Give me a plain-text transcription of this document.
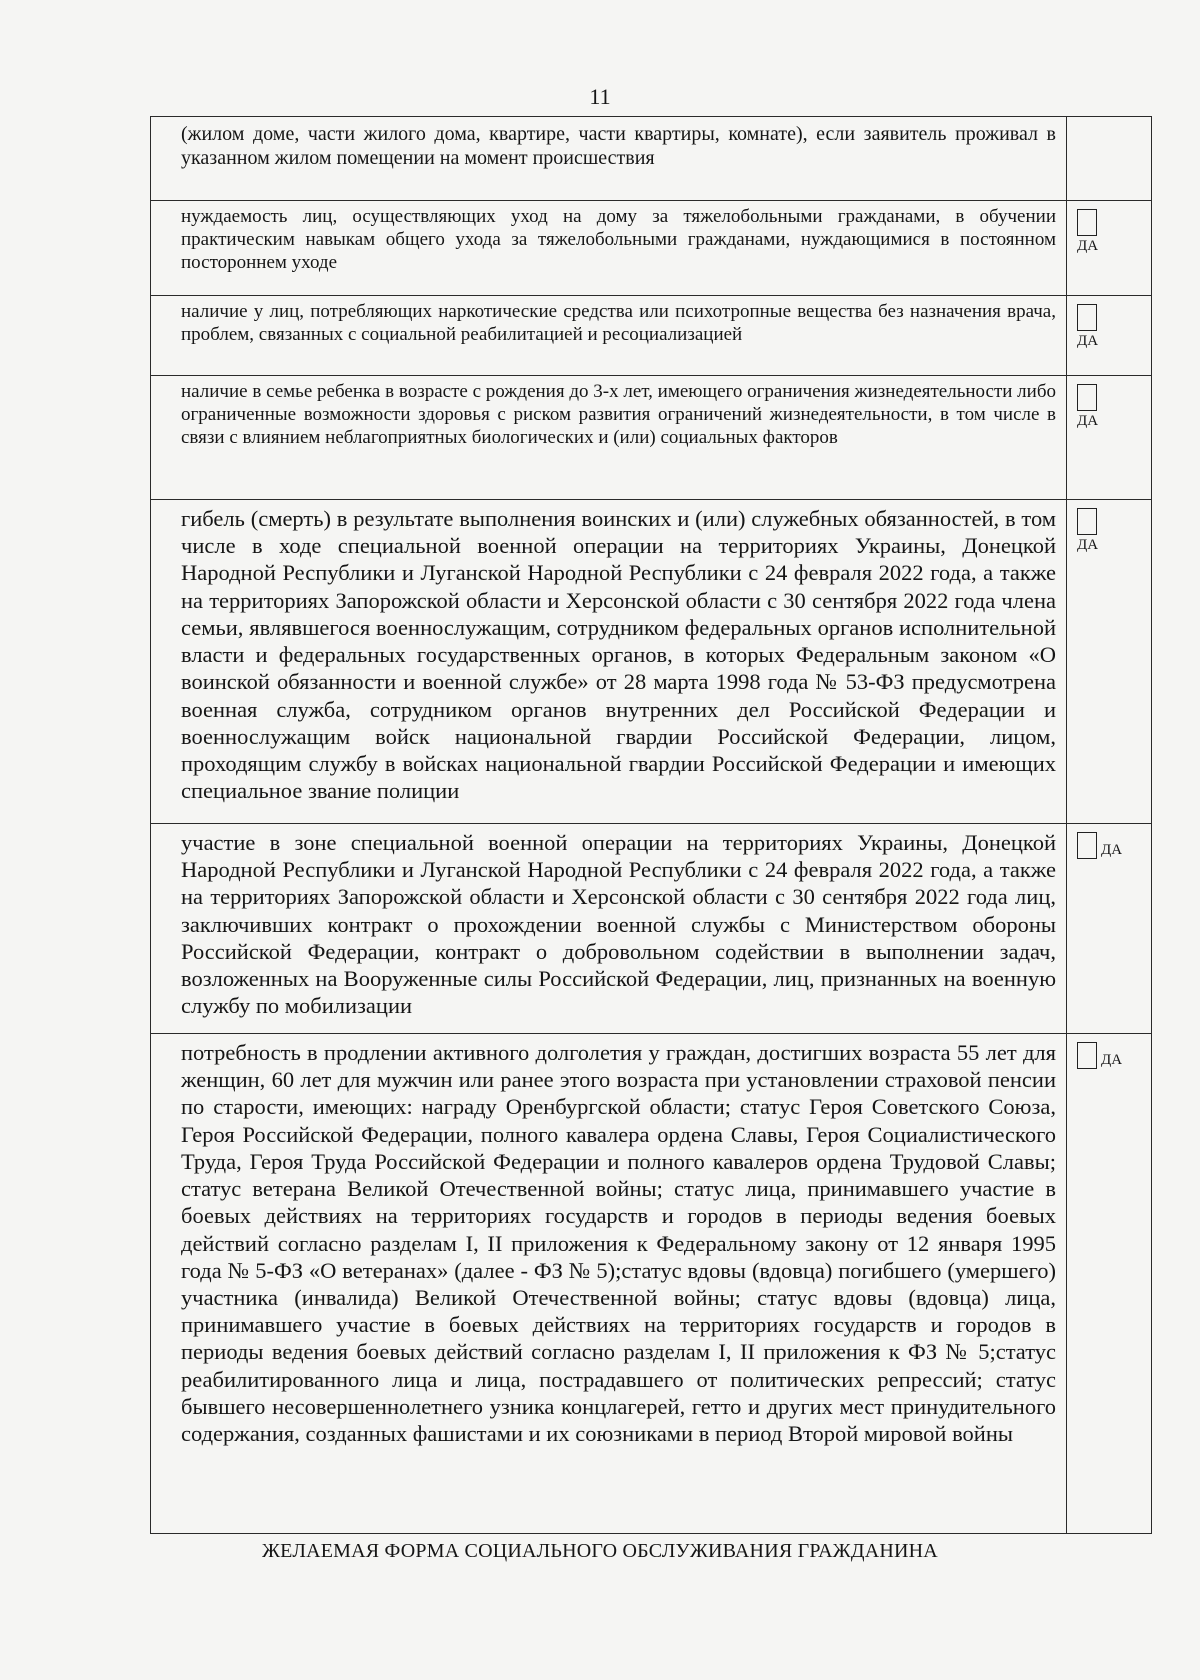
11
(жилом доме, части жилого дома, квартире, части квартиры, комнате), если заявитель проживал в указанном жилом помещении на момент происшествия	
нуждаемость лиц, осуществляющих уход на дому за тяжелобольными гражданами, в обучении практическим навыкам общего ухода за тяжелобольными гражданами, нуждающимися в постоянном постороннем уходе	ДА

наличие у лиц, потребляющих наркотические средства или психотропные вещества без назначения врача, проблем, связанных с социальной реабилитацией и ресоциализацией	ДА

наличие в семье ребенка в возрасте с рождения до 3-х лет, имеющего ограничения жизнедеятельности либо ограниченные возможности здоровья с риском развития ограничений жизнедеятельности, в том числе в связи с влиянием неблагоприятных биологических и (или) социальных факторов	ДА

гибель (смерть) в результате выполнения воинских и (или) служебных обязанностей, в том числе в ходе специальной военной операции на территориях Украины, Донецкой Народной Республики и Луганской Народной Республики с 24 февраля 2022 года, а также на территориях Запорожской области и Херсонской области с 30 сентября 2022 года члена семьи, являвшегося военнослужащим, сотрудником федеральных органов исполнительной власти и федеральных государственных органов, в которых Федеральным законом «О воинской обязанности и военной службе» от 28 марта 1998 года № 53-ФЗ предусмотрена военная служба, сотрудником органов внутренних дел Российской Федерации и военнослужащим войск национальной гвардии Российской Федерации, лицом, проходящим службу в войсках национальной гвардии Российской Федерации и имеющих специальное звание полиции	ДА

участие в зоне специальной военной операции на территориях Украины, Донецкой Народной Республики и Луганской Народной Республики с 24 февраля 2022 года, а также на территориях Запорожской области и Херсонской области с 30 сентября 2022 года лиц, заключивших контракт о прохождении военной службы с Министерством обороны Российской Федерации, контракт о добровольном содействии в выполнении задач, возложенных на Вооруженные силы Российской Федерации, лиц, признанных на военную службу по мобилизации	ДА

потребность в продлении активного долголетия у граждан, достигших возраста 55 лет для женщин, 60 лет для мужчин или ранее этого возраста при установлении страховой пенсии по старости, имеющих: награду Оренбургской области; статус Героя Советского Союза, Героя Российской Федерации, полного кавалера ордена Славы, Героя Социалистического Труда, Героя Труда Российской Федерации и полного кавалеров ордена Трудовой Славы; статус ветерана Великой Отечественной войны; статус лица, принимавшего участие в боевых действиях на территориях государств и городов в периоды ведения боевых действий согласно разделам I, II приложения к Федеральному закону от 12 января 1995 года № 5-ФЗ «О ветеранах» (далее - ФЗ № 5);статус вдовы (вдовца) погибшего (умершего) участника (инвалида) Великой Отечественной войны; статус вдовы (вдовца) лица, принимавшего участие в боевых действиях на территориях государств и городов в периоды ведения боевых действий согласно разделам I, II приложения к ФЗ № 5;статус реабилитированного лица и лица, пострадавшего от политических репрессий; статус бывшего несовершеннолетнего узника концлагерей, гетто и других мест принудительного содержания, созданных фашистами и их союзниками в период Второй мировой войны	ДА
ЖЕЛАЕМАЯ ФОРМА СОЦИАЛЬНОГО ОБСЛУЖИВАНИЯ ГРАЖДАНИНА
